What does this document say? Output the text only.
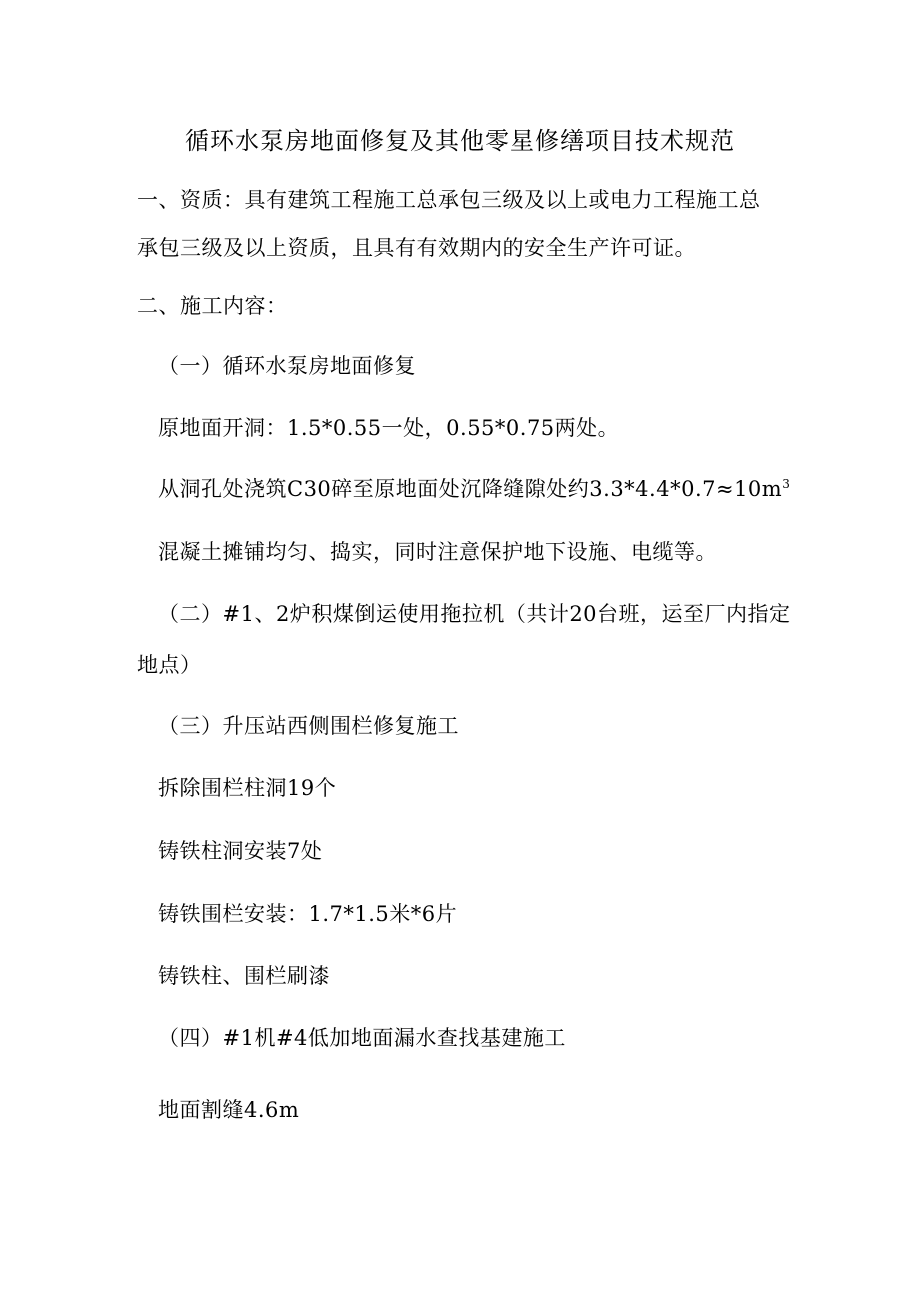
循环水泵房地面修复及其他零星修缮项目技术规范
一、资质：具有建筑工程施工总承包三级及以上或电力工程施工总
承包三级及以上资质，且具有有效期内的安全生产许可证。
二、施工内容：
（一）循环水泵房地面修复
原地面开洞：1.5*0.55一处，0.55*0.75两处。
从洞孔处浇筑C30碎至原地面处沉降缝隙处约$3.3*4.4*0.7\approx 10m^3$
混凝土摊铺均匀、捣实，同时注意保护地下设施、电缆等。
（二）#1、2炉积煤倒运使用拖拉机（共计20台班，运至厂内指定
地点）
（三）升压站西侧围栏修复施工
拆除围栏柱洞19个
铸铁柱洞安装7处
铸铁围栏安装：1.7*1.5米*6片
铸铁柱、围栏刷漆
（四）#1机#4低加地面漏水查找基建施工
地面割缝4.6m
